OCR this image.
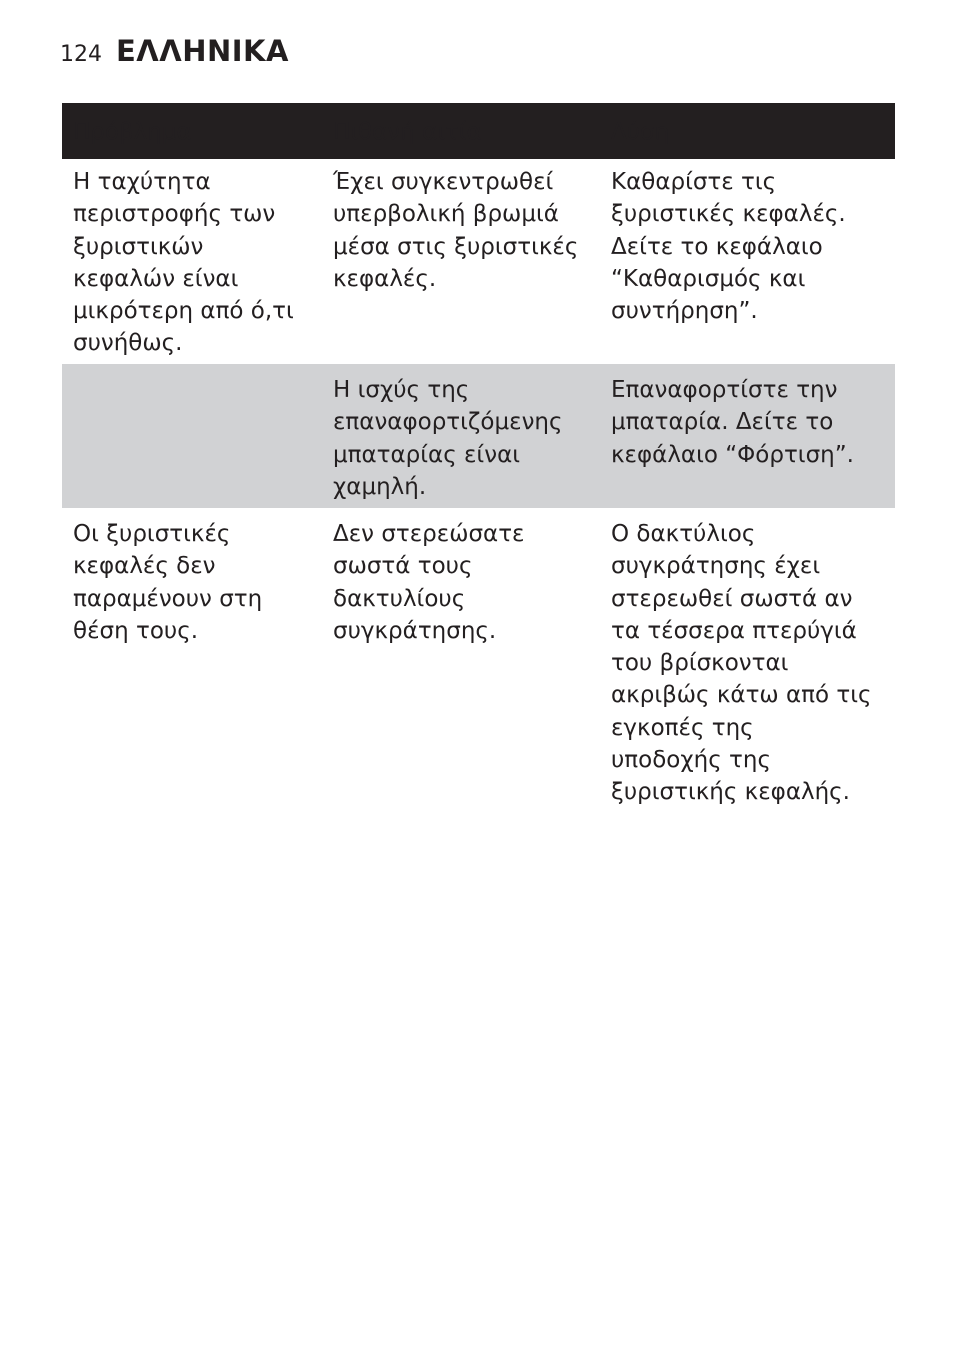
124 ΕΛΛΗΝΙΚΑ
Πρόβλημα	Πιθανή αιτία	Λύση
Η ταχύτητα
περιστροφής των
ξυριστικών
κεφαλών είναι
μικρότερη από ό,τι
συνήθως.
Έχει συγκεντρωθεί
υπερβολική βρωμιά
μέσα στις ξυριστικές
κεφαλές.
Καθαρίστε τις
ξυριστικές κεφαλές.
Δείτε το κεφάλαιο
“Καθαρισμός και
συντήρηση”.
Η ισχύς της
επαναφορτιζόμενης
μπαταρίας είναι
χαμηλή.
Επαναφορτίστε την
μπαταρία. Δείτε το
κεφάλαιο “Φόρτιση”.
Οι ξυριστικές
κεφαλές δεν
παραμένουν στη
θέση τους.
Δεν στερεώσατε
σωστά τους
δακτυλίους
συγκράτησης.
Ο δακτύλιος
συγκράτησης έχει
στερεωθεί σωστά αν
τα τέσσερα πτερύγιά
του βρίσκονται
ακριβώς κάτω από τις
εγκοπές της
υποδοχής της
ξυριστικής κεφαλής.
